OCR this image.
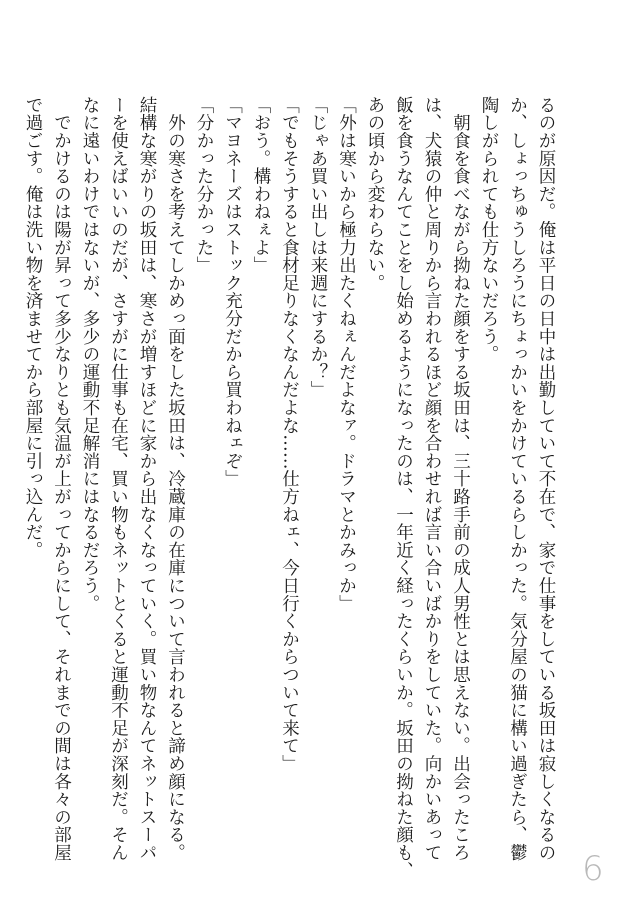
るのが原因だ。俺は平日の日中は出勤していて不在で、家で仕事をしている坂田は寂しくなるの
か、しょっちゅうしろうにちょっかいをかけているらしかった。気分屋の猫に構い過ぎたら、鬱
陶しがられても仕方ないだろう。
　朝食を食べながら拗ねた顔をする坂田は、三十路手前の成人男性とは思えない。出会ったころ
は、犬猿の仲と周りから言われるほど顔を合わせれば言い合いばかりをしていた。向かいあって
飯を食うなんてことをし始めるようになったのは、一年近く経ったくらいか。坂田の拗ねた顔も、
あの頃から変わらない。
「外は寒いから極力出たくねぇんだよなァ。ドラマとかみっか」
「じゃあ買い出しは来週にするか？」
「でもそうすると食材足りなくなんだよな……仕方ねェ、今日行くからついて来て」
「おう。構わねぇよ」
「マヨネーズはストック充分だから買わねェぞ」
「分かった分かった」
　外の寒さを考えてしかめっ面をした坂田は、冷蔵庫の在庫について言われると諦め顔になる。
結構な寒がりの坂田は、寒さが増すほどに家から出なくなっていく。買い物なんてネットスーパ
ーを使えばいいのだが、さすがに仕事も在宅、買い物もネットとくると運動不足が深刻だ。そん
なに遠いわけではないが、多少の運動不足解消にはなるだろう。
　でかけるのは陽が昇って多少なりとも気温が上がってからにして、それまでの間は各々の部屋
で過ごす。俺は洗い物を済ませてから部屋に引っ込んだ。
6
